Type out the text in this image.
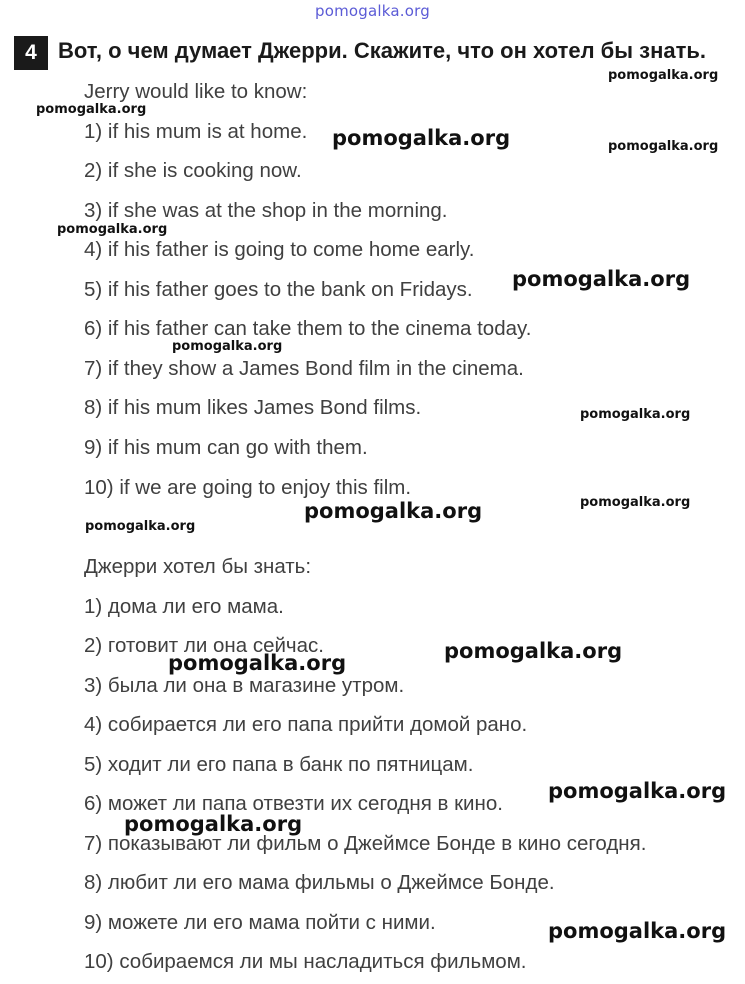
pomogalka.org
4 Вот, о чем думает Джерри. Скажите, что он хотел бы знать.
Jerry would like to know:
1) if his mum is at home.
2) if she is cooking now.
3) if she was at the shop in the morning.
4) if his father is going to come home early.
5) if his father goes to the bank on Fridays.
6) if his father can take them to the cinema today.
7) if they show a James Bond film in the cinema.
8) if his mum likes James Bond films.
9) if his mum can go with them.
10) if we are going to enjoy this film.
Джерри хотел бы знать:
1) дома ли его мама.
2) готовит ли она сейчас.
3) была ли она в магазине утром.
4) собирается ли его папа прийти домой рано.
5) ходит ли его папа в банк по пятницам.
6) может ли папа отвезти их сегодня в кино.
7) показывают ли фильм о Джеймсе Бонде в кино сегодня.
8) любит ли его мама фильмы о Джеймсе Бонде.
9) можете ли его мама пойти с ними.
10) собираемся ли мы насладиться фильмом.
pomogalka.org
pomogalka.org
pomogalka.org	pomogalka.org
pomogalka.org
pomogalka.org
pomogalka.org
pomogalka.org
pomogalka.org
pomogalka.org
pomogalka.org
pomogalka.org
pomogalka.org
pomogalka.org
pomogalka.org
pomogalka.org
